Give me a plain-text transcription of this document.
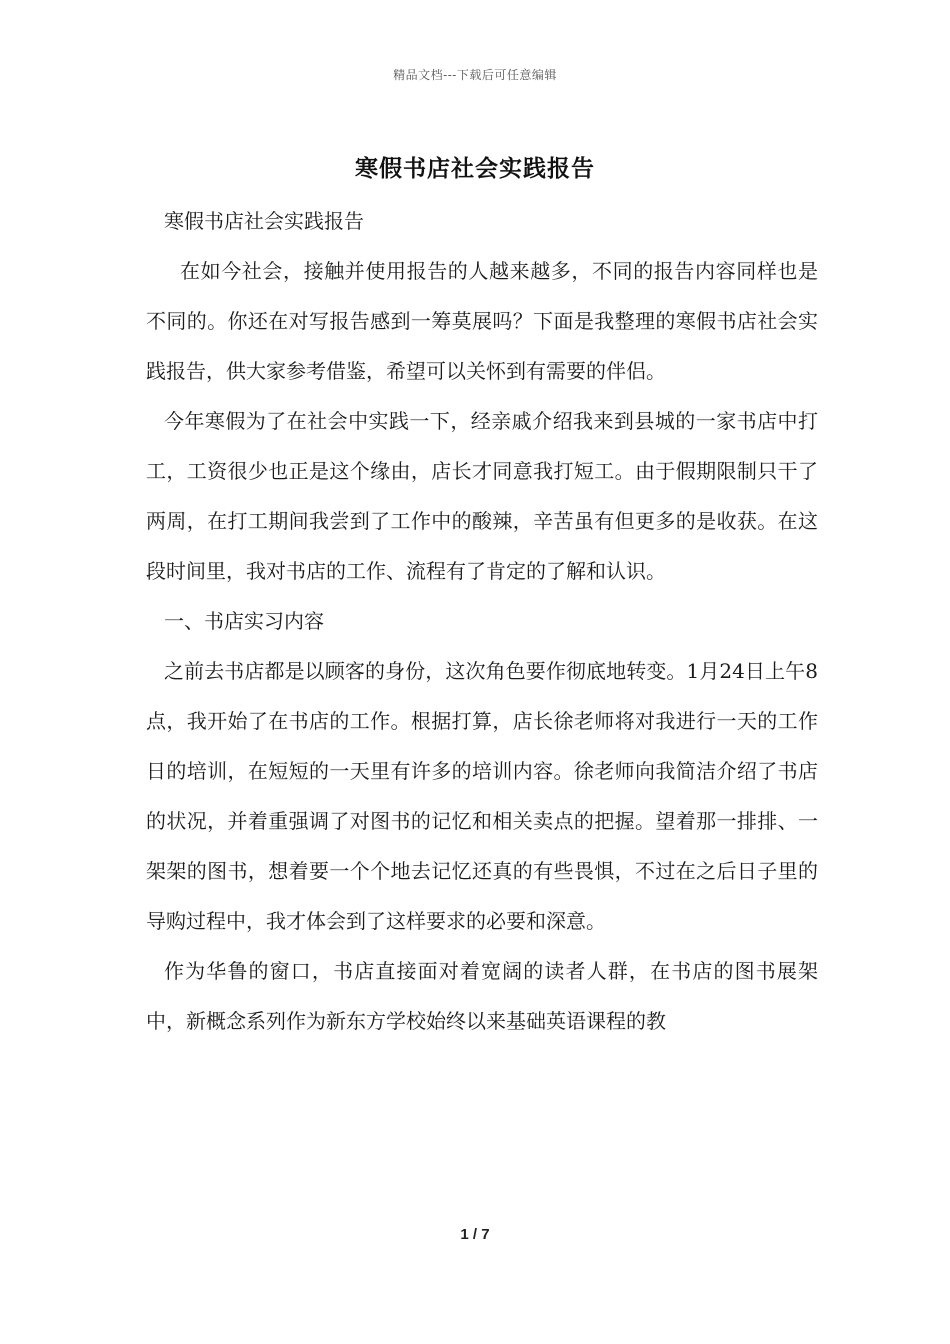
精品文档---下载后可任意编辑
寒假书店社会实践报告

寒假书店社会实践报告

在如今社会，接触并使用报告的人越来越多，不同的报告内容同样也是不同的。你还在对写报告感到一筹莫展吗？下面是我整理的寒假书店社会实践报告，供大家参考借鉴，希望可以关怀到有需要的伴侣。

今年寒假为了在社会中实践一下，经亲戚介绍我来到县城的一家书店中打工，工资很少也正是这个缘由，店长才同意我打短工。由于假期限制只干了两周，在打工期间我尝到了工作中的酸辣，辛苦虽有但更多的是收获。在这段时间里，我对书店的工作、流程有了肯定的了解和认识。

一、书店实习内容

之前去书店都是以顾客的身份，这次角色要作彻底地转变。1月24日上午8点，我开始了在书店的工作。根据打算，店长徐老师将对我进行一天的工作日的培训，在短短的一天里有许多的培训内容。徐老师向我简洁介绍了书店的状况，并着重强调了对图书的记忆和相关卖点的把握。望着那一排排、一架架的图书，想着要一个个地去记忆还真的有些畏惧，不过在之后日子里的导购过程中，我才体会到了这样要求的必要和深意。

作为华鲁的窗口，书店直接面对着宽阔的读者人群，在书店的图书展架中，新概念系列作为新东方学校始终以来基础英语课程的教

1 / 7
